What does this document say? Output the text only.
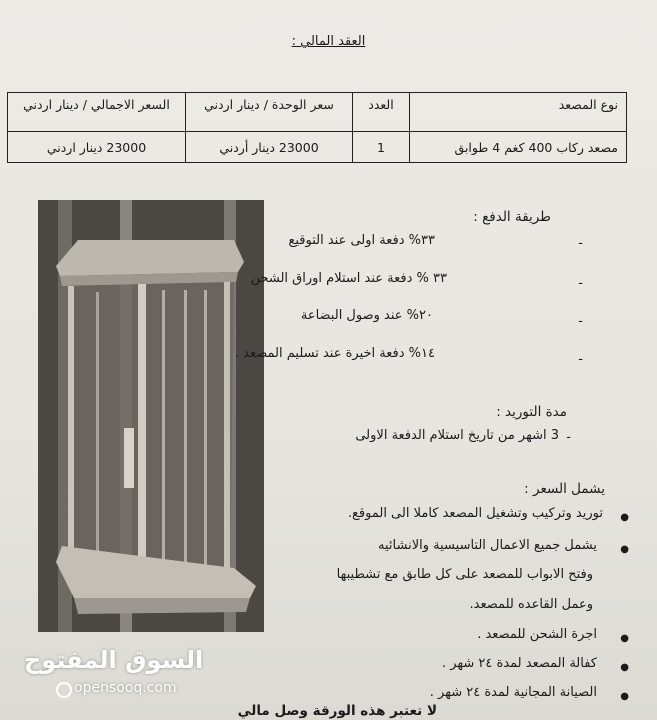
العقد المالي :
نوع المصعد	العدد	سعر الوحدة / دينار اردني	السعر الاجمالي / دينار اردني
مصعد ركاب 400 كغم 4 طوابق	1	23000 دينار أردني	23000 دينار اردني
طريقة الدفع :
٣٣% دفعة اولى عند التوقيع
٣٣ % دفعة عند استلام اوراق الشحن
٢٠% عند وصول البضاعة
١٤% دفعة اخيرة عند تسليم المصعد .
-
-
-
-
مدة التوريد :
3 اشهر من تاريخ استلام الدفعة الاولى -
يشمل السعر :
توريد وتركيب وتشغيل المصعد كاملا الى الموقع.
يشمل جميع الاعمال التاسيسية والانشائيه
وفتح الابواب للمصعد على كل طابق مع تشطيبها
وعمل القاعده للمصعد.
اجرة الشحن للمصعد .
كفالة المصعد لمدة ٢٤ شهر .
الصيانة المجانية لمدة ٢٤ شهر .
لا تعتبر هذه الورقة وصل مالي
●
●
●
●
●
السوق المفتوح
opensooq.com
